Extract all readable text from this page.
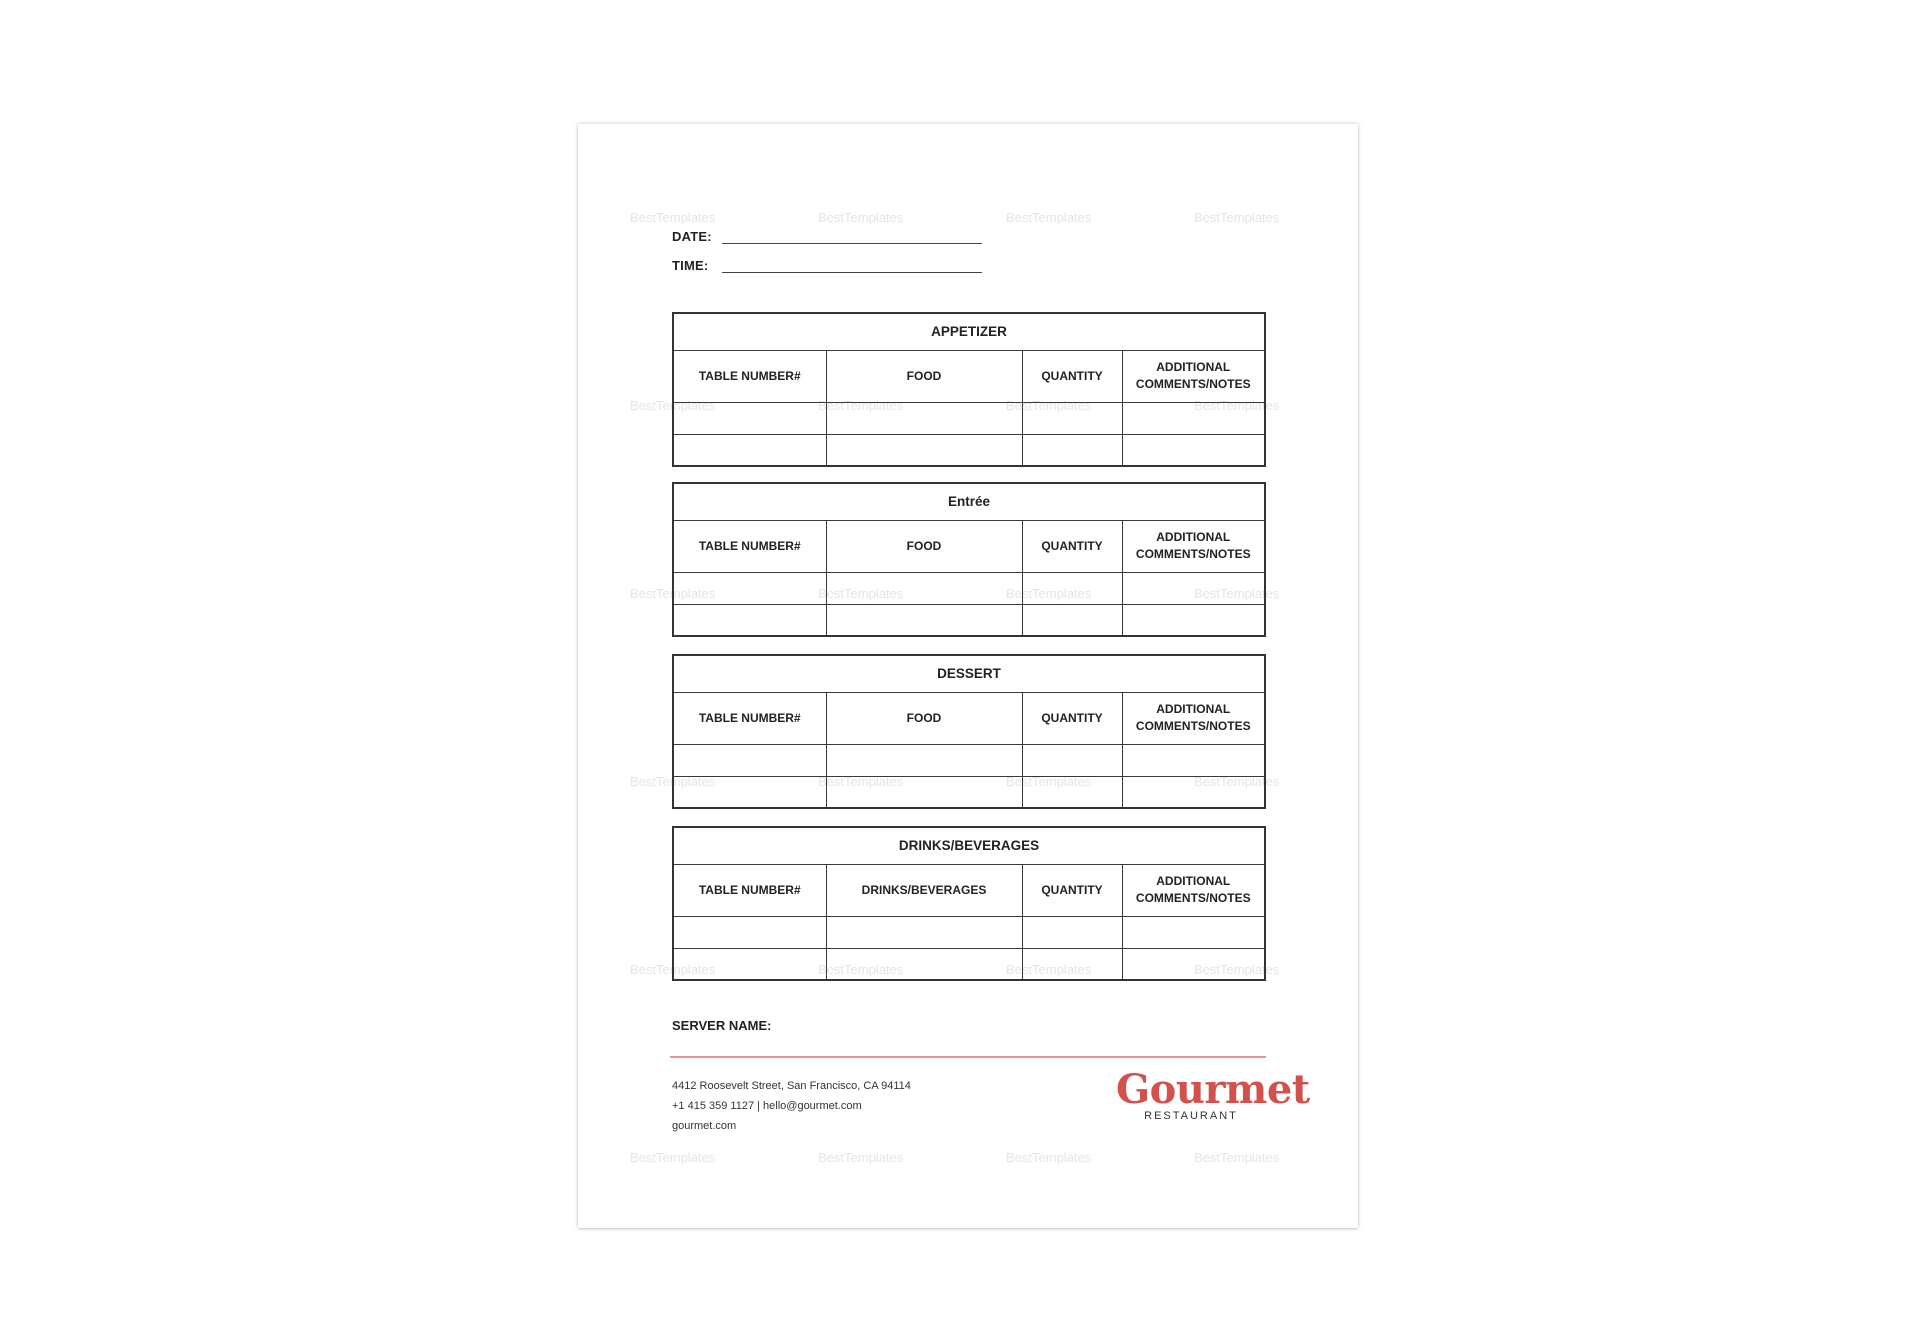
BestTemplates	BestTemplates	BestTemplates	BestTemplates
BestTemplates	BestTemplates	BestTemplates	BestTemplates
BestTemplates	BestTemplates	BestTemplates	BestTemplates
BestTemplates	BestTemplates	BestTemplates	BestTemplates
BestTemplates	BestTemplates	BestTemplates	BestTemplates
BestTemplates	BestTemplates	BestTemplates	BestTemplates
DATE:
TIME:
APPETIZER			
TABLE NUMBER#	FOOD	QUANTITY	ADDITIONAL COMMENTS/NOTES

Entrée			
TABLE NUMBER#	FOOD	QUANTITY	ADDITIONAL COMMENTS/NOTES

DESSERT			
TABLE NUMBER#	FOOD	QUANTITY	ADDITIONAL COMMENTS/NOTES

DRINKS/BEVERAGES			
TABLE NUMBER#	DRINKS/BEVERAGES	QUANTITY	ADDITIONAL COMMENTS/NOTES

SERVER NAME:
4412 Roosevelt Street, San Francisco, CA 94114
+1 415 359 1127 | hello@gourmet.com
gourmet.com
Gourmet
RESTAURANT
